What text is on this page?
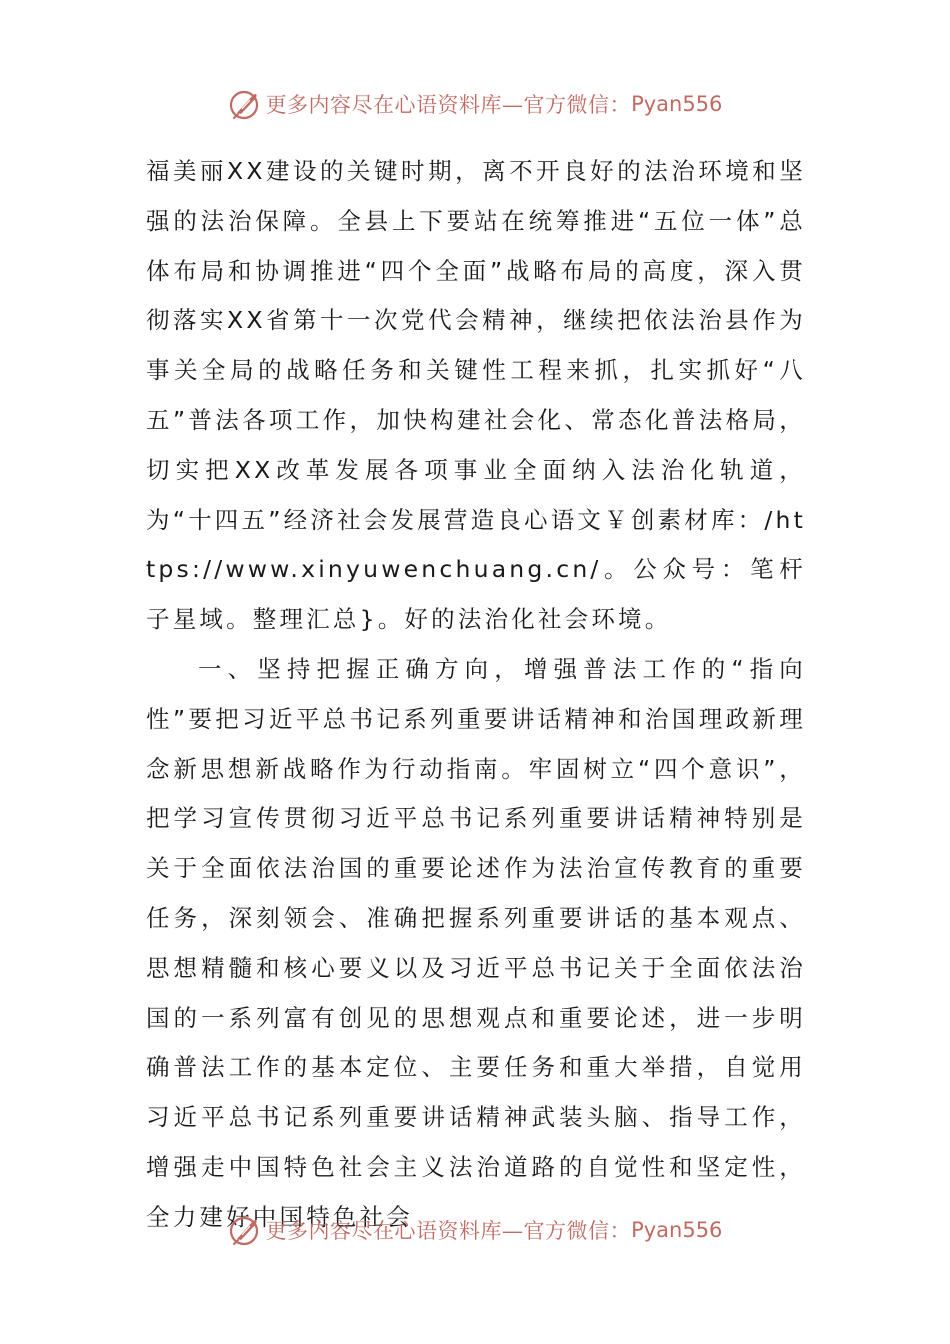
更多内容尽在心语资料库—官方微信： Pyan556

福美丽XX建设的关键时期，离不开良好的法治环境和坚强的法治保障。全县上下要站在统筹推进“五位一体”总体布局和协调推进“四个全面”战略布局的高度，深入贯彻落实XX省第十一次党代会精神，继续把依法治县作为事关全局的战略任务和关键性工程来抓，扎实抓好“八五”普法各项工作，加快构建社会化、常态化普法格局，切实把XX改革发展各项事业全面纳入法治化轨道，为“十四五”经济社会发展营造良心语文￥创素材库：/https://www.xinyuwenchuang.cn/。公众号：笔杆子星域。整理汇总}。好的法治化社会环境。

一、坚持把握正确方向，增强普法工作的“指向性”要把习近平总书记系列重要讲话精神和治国理政新理念新思想新战略作为行动指南。牢固树立“四个意识”，把学习宣传贯彻习近平总书记系列重要讲话精神特别是关于全面依法治国的重要论述作为法治宣传教育的重要任务，深刻领会、准确把握系列重要讲话的基本观点、思想精髓和核心要义以及习近平总书记关于全面依法治国的一系列富有创见的思想观点和重要论述，进一步明确普法工作的基本定位、主要任务和重大举措，自觉用习近平总书记系列重要讲话精神武装头脑、指导工作，增强走中国特色社会主义法治道路的自觉性和坚定性，全力建好中国特色社会

更多内容尽在心语资料库—官方微信： Pyan556
